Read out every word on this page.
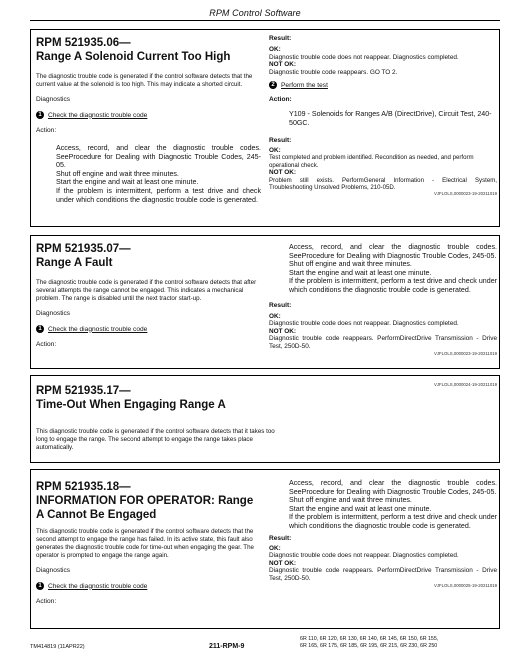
RPM Control Software
RPM 521935.06—
Range A Solenoid Current Too High
The diagnostic trouble code is generated if the control software detects that the current value at the solenoid is too high. This may indicate a shorted circuit.
Diagnostics
1 Check the diagnostic trouble code
Action:
Access, record, and clear the diagnostic trouble codes. SeeProcedure for Dealing with Diagnostic Trouble Codes, 245-05.
Shut off engine and wait three minutes.
Start the engine and wait at least one minute.
If the problem is intermittent, perform a test drive and check under which conditions the diagnostic trouble code is generated.
Result:
OK:
Diagnostic trouble code does not reappear. Diagnostics completed.
NOT OK:
Diagnostic trouble code reappears. GO TO 2.
2 Perform the test
Action:
Y109 - Solenoids for Ranges A/B (DirectDrive), Circuit Test, 240-50GC.
Result:
OK:
Test completed and problem identified. Recondition as needed, and perform operational check.
NOT OK:
Problem still exists. PerformGeneral Information - Electrical System, Troubleshooting Unsolved Problems, 210-05D.
VJFLOLS,0000023-19-20211019
RPM 521935.07—
Range A Fault
The diagnostic trouble code is generated if the control software detects that after several attempts the range cannot be engaged. This indicates a mechanical problem. The range is disabled until the next tractor start-up.
Diagnostics
1 Check the diagnostic trouble code
Action:
Access, record, and clear the diagnostic trouble codes. SeeProcedure for Dealing with Diagnostic Trouble Codes, 245-05.
Shut off engine and wait three minutes.
Start the engine and wait at least one minute.
If the problem is intermittent, perform a test drive and check under which conditions the diagnostic trouble code is generated.
Result:
OK:
Diagnostic trouble code does not reappear. Diagnostics completed.
NOT OK:
Diagnostic trouble code reappears. PerformDirectDrive Transmission - Drive Test, 250D-50.
VJFLOLS,0000023-19-20211019
RPM 521935.17—
Time-Out When Engaging Range A
VJFLOLS,0000024-19-20211019
This diagnostic trouble code is generated if the control software detects that it takes too long to engage the range. The second attempt to engage the range takes place automatically.
RPM 521935.18—
INFORMATION FOR OPERATOR: Range A Cannot Be Engaged
This diagnostic trouble code is generated if the control software detects that the second attempt to engage the range has failed. In its active state, this fault also generates the diagnostic trouble code for time-out when engaging the gear. The operator is prompted to engage the range again.
Diagnostics
1 Check the diagnostic trouble code
Action:
Access, record, and clear the diagnostic trouble codes. SeeProcedure for Dealing with Diagnostic Trouble Codes, 245-05.
Shut off engine and wait three minutes.
Start the engine and wait at least one minute.
If the problem is intermittent, perform a test drive and check under which conditions the diagnostic trouble code is generated.
Result:
OK:
Diagnostic trouble code does not reappear. Diagnostics completed.
NOT OK:
Diagnostic trouble code reappears. PerformDirectDrive Transmission - Drive Test, 250D-50.
VJFLOLS,0000025-19-20211019
TM414819 (11APR22)	211-RPM-9
6R 110, 6R 120, 6R 130, 6R 140, 6R 145, 6R 150, 6R 155,
6R 165, 6R 175, 6R 185, 6R 195, 6R 215, 6R 230, 6R 250
